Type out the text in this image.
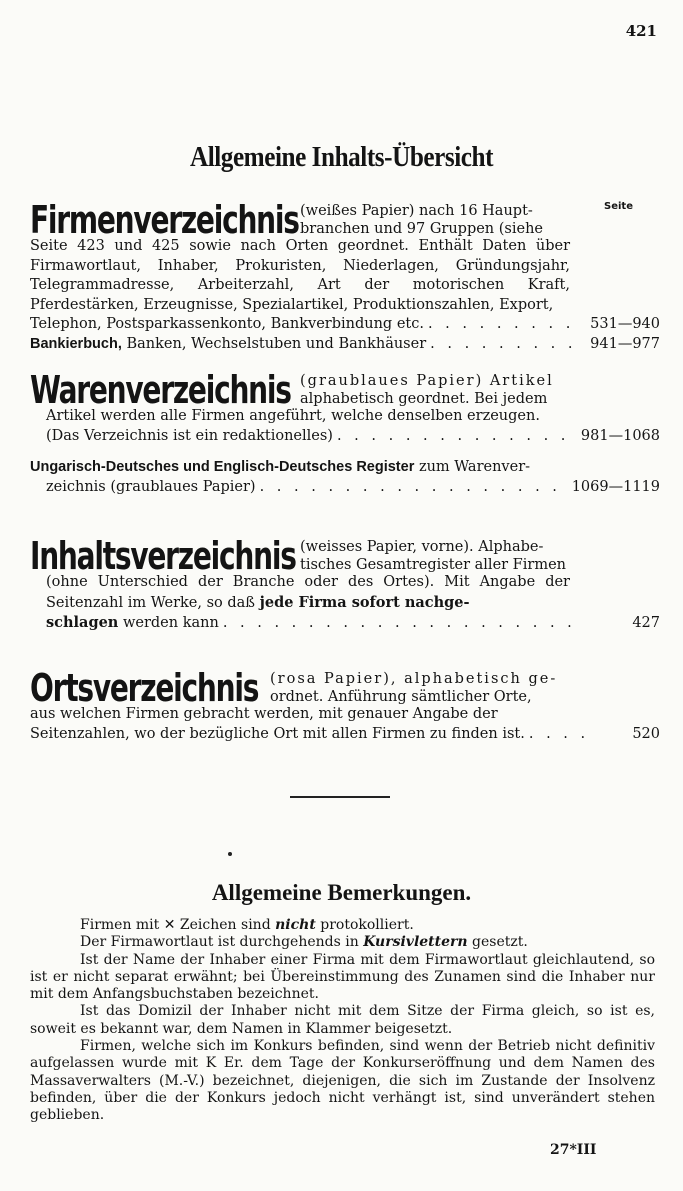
421
Allgemeine Inhalts-Übersicht
Seite
Firmenverzeichnis (weißes Papier) nach 16 Haupt-
branchen und 97 Gruppen (siehe
Seite 423 und 425 sowie nach Orten geordnet. Enthält Daten über Firmawortlaut, Inhaber, Prokuristen, Niederlagen, Gründungsjahr, Telegrammadresse, Arbeiterzahl, Art der motorischen Kraft, Pferdestärken, Erzeugnisse, Spezialartikel, Produktionszahlen, Export,
Telephon, Postsparkassenkonto, Bankverbindung etc. . . .	531—940
Bankierbuch, Banken, Wechselstuben und Bankhäuser . . .	941—977
Warenverzeichnis (graublaues Papier) Artikel
alphabetisch geordnet. Bei jedem
Artikel werden alle Firmen angeführt, welche denselben erzeugen.
(Das Verzeichnis ist ein redaktionelles) . . .	981—1068
Ungarisch-Deutsches und Englisch-Deutsches Register zum Warenver-
zeichnis (graublaues Papier) . . .	1069—1119
Inhaltsverzeichnis (weisses Papier, vorne). Alphabe-
tisches Gesamtregister aller Firmen
(ohne Unterschied der Branche oder des Ortes). Mit Angabe der Seitenzahl im Werke, so daß jede Firma sofort nachge-
schlagen werden kann . . .	427
Ortsverzeichnis (rosa Papier), alphabetisch ge-
ordnet. Anführung sämtlicher Orte,
aus welchen Firmen gebracht werden, mit genauer Angabe der
Seitenzahlen, wo der bezügliche Ort mit allen Firmen zu finden ist. . . .	520
Allgemeine Bemerkungen.

Firmen mit ✕ Zeichen sind nicht protokolliert.

Der Firmawortlaut ist durchgehends in Kursivlettern gesetzt.

Ist der Name der Inhaber einer Firma mit dem Firmawortlaut gleichlautend, so ist er nicht separat erwähnt; bei Übereinstimmung des Zunamen sind die Inhaber nur mit dem Anfangsbuchstaben bezeichnet.

Ist das Domizil der Inhaber nicht mit dem Sitze der Firma gleich, so ist es, soweit es bekannt war, dem Namen in Klammer beigesetzt.

Firmen, welche sich im Konkurs befinden, sind wenn der Betrieb nicht definitiv aufgelassen wurde mit K Er. dem Tage der Konkurseröffnung und dem Namen des Massaverwalters (M.-V.) bezeichnet, diejenigen, die sich im Zustande der Insolvenz befinden, über die der Konkurs jedoch nicht verhängt ist, sind unverändert stehen geblieben.

27*III
